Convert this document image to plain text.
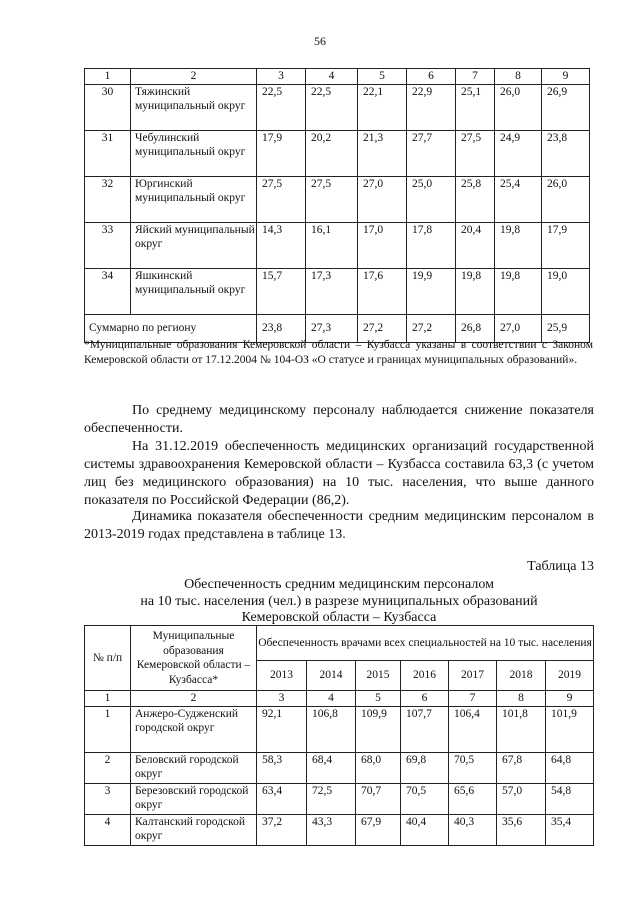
56
1	2	3	4	5	6	7	8	9
30	Тяжинский муниципальный округ	22,5	22,5	22,1	22,9	25,1	26,0	26,9
31	Чебулинский муниципальный округ	17,9	20,2	21,3	27,7	27,5	24,9	23,8
32	Юргинский муниципальный округ	27,5	27,5	27,0	25,0	25,8	25,4	26,0
33	Яйский муниципальный округ	14,3	16,1	17,0	17,8	20,4	19,8	17,9
34	Яшкинский муниципальный округ	15,7	17,3	17,6	19,9	19,8	19,8	19,0
Суммарно по региону		23,8	27,3	27,2	27,2	26,8	27,0	25,9
*Муниципальные образования Кемеровской области – Кузбасса указаны в соответствии с Законом Кемеровской области от 17.12.2004 № 104-ОЗ «О статусе и границах муниципальных образований».
По среднему медицинскому персоналу наблюдается снижение показателя обеспеченности.
На 31.12.2019 обеспеченность медицинских организаций государственной системы здравоохранения Кемеровской области – Кузбасса составила 63,3 (с учетом лиц без медицинского образования) на 10 тыс. населения, что выше данного показателя по Российской Федерации (86,2).
Динамика показателя обеспеченности средним медицинским персоналом в 2013-2019 годах представлена в таблице 13.
Таблица 13
Обеспеченность средним медицинским персоналом
на 10 тыс. населения (чел.) в разрезе муниципальных образований
Кемеровской области – Кузбасса
№ п/п	Муниципальные образования Кемеровской области – Кузбасса*	Обеспеченность врачами всех специальностей на 10 тыс. населения						
		2013	2014	2015	2016	2017	2018	2019
1	2	3	4	5	6	7	8	9
1	Анжеро-Судженский городской округ	92,1	106,8	109,9	107,7	106,4	101,8	101,9
2	Беловский городской округ	58,3	68,4	68,0	69,8	70,5	67,8	64,8
3	Березовский городской округ	63,4	72,5	70,7	70,5	65,6	57,0	54,8
4	Калтанский городской округ	37,2	43,3	67,9	40,4	40,3	35,6	35,4
